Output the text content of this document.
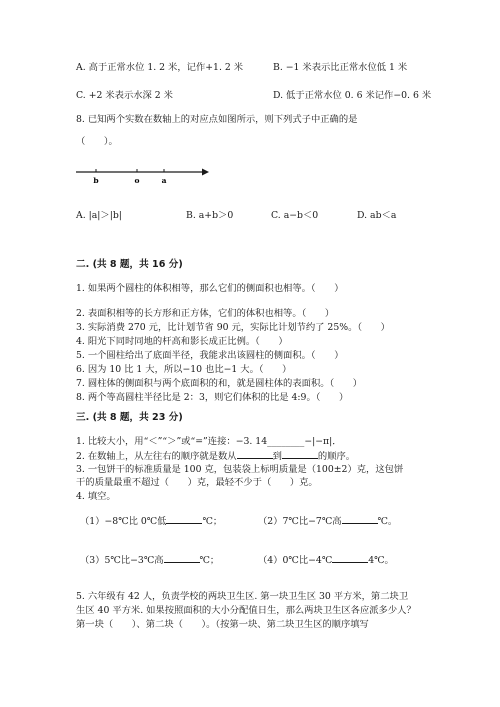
A. 高于正常水位 1. 2 米，记作+1. 2 米	B. −1 米表示比正常水位低 1 米
C. +2 米表示水深 2 米	D. 低于正常水位 0. 6 米记作−0. 6 米
8. 已知两个实数在数轴上的对应点如图所示，则下列式子中正确的是
（　　）。
b	o	a
A. |a|＞|b|	B. a+b＞0	C. a−b＜0	D. ab＜a
二. (共 8 题，共 16 分)
1. 如果两个圆柱的体积相等，那么它们的侧面积也相等。（　　）
2. 表面积相等的长方形和正方体，它们的体积也相等。（　　）
3. 实际消费 270 元，比计划节省 90 元，实际比计划节约了 25%。（　　）
4. 阳光下同时同地的杆高和影长成正比例。（　　）
5. 一个圆柱给出了底面半径，我能求出该圆柱的侧面积。（　　）
6. 因为 10 比 1 大，所以−10 也比−1 大。（　　）
7. 圆柱体的侧面积与两个底面积的和，就是圆柱体的表面积。（　　）
8. 两个等高圆柱半径比是 2：3，则它们体积的比是 4:9。（　　）
三. (共 8 题，共 23 分)
1. 比较大小，用“＜”“＞”或“=”连接：−3. 14________−|−π|．
2. 在数轴上，从左往右的顺序就是数从	到	的顺序。
3. 一包饼干的标准质量是 100 克，包装袋上标明质量是（100±2）克，这包饼
干的质量最重不超过（　　）克，最轻不少于（　　）克。
4. 填空。
（1）−8℃比 0℃低	℃；	（2）7℃比−7℃高	℃。
（3）5℃比−3℃高	℃；	（4）0℃比−4℃	4℃。
5. 六年级有 42 人，负责学校的两块卫生区. 第一块卫生区 30 平方米，第二块卫
生区 40 平方米. 如果按照面积的大小分配值日生，那么两块卫生区各应派多少人？
第一块（　　）、第二块（　　）。（按第一块、第二块卫生区的顺序填写
